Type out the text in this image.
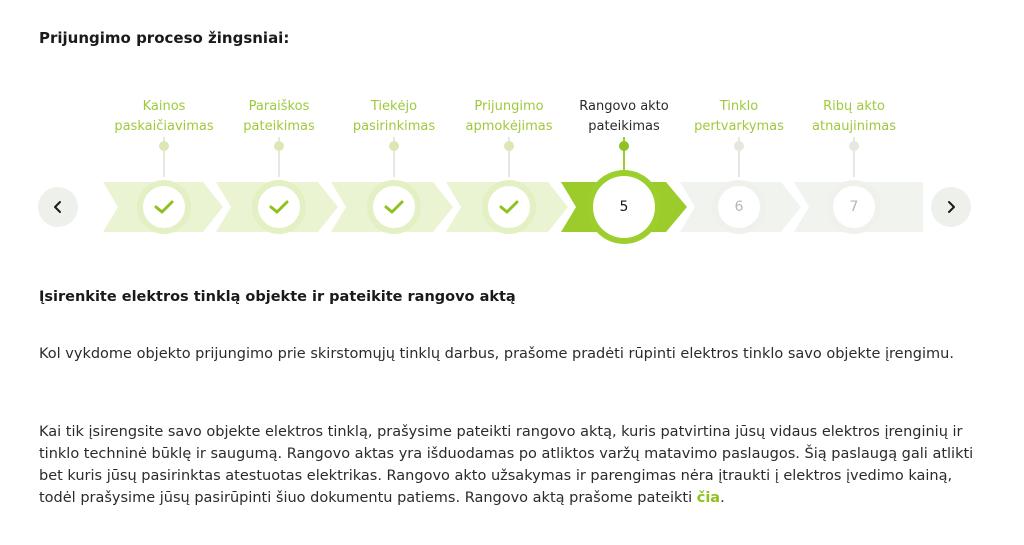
Prijungimo proceso žingsniai:
Kainos
paskaičiavimas
Paraiškos
pateikimas
Tiekėjo
pasirinkimas
Prijungimo
apmokėjimas
Rangovo akto
pateikimas
5
Tinklo
pertvarkymas
6
Ribų akto
atnaujinimas
7
Įsirenkite elektros tinklą objekte ir pateikite rangovo aktą

Kol vykdome objekto prijungimo prie skirstomųjų tinklų darbus, prašome pradėti rūpinti elektros tinklo savo objekte įrengimu.

Kai tik įsirengsite savo objekte elektros tinklą, prašysime pateikti rangovo aktą, kuris patvirtina jūsų vidaus elektros įrenginių ir tinklo techninė būklę ir saugumą. Rangovo aktas yra išduodamas po atliktos varžų matavimo paslaugos. Šią paslaugą gali atlikti bet kuris jūsų pasirinktas atestuotas elektrikas. Rangovo akto užsakymas ir parengimas nėra įtraukti į elektros įvedimo kainą, todėl prašysime jūsų pasirūpinti šiuo dokumentu patiems. Rangovo aktą prašome pateikti čia.
